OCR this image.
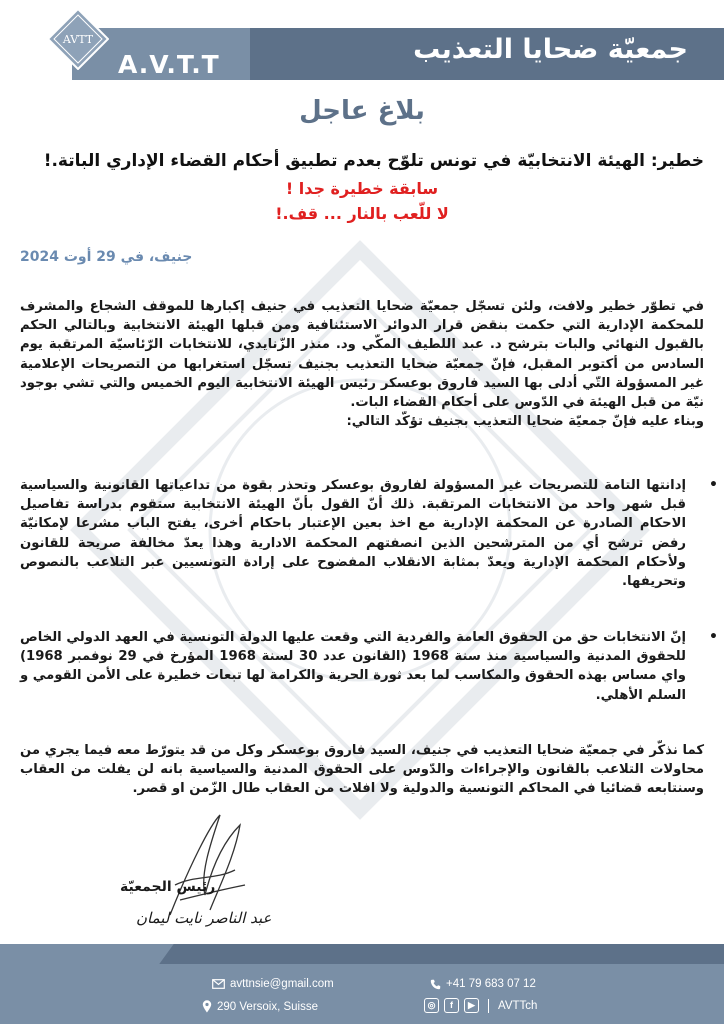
AVTT
A.V.T.T	جمعيّة ضحايا التعذيب
بلاغ عاجل
خطير: الهيئة الانتخابيّة في تونس تلوّح بعدم تطبيق أحكام القضاء الإداري الباتة.!
سابقة خطيرة جدا !
لا للّعب بالنار ... قف.!
جنيف، في 29 أوت 2024
في تطوّر خطير ولافت، ولئن تسجّل جمعيّة ضحايا التعذيب في جنيف إكبارها للموقف الشجاع والمشرف للمحكمة الإدارية التي حكمت بنقض قرار الدوائر الاستئنافية ومن قبلها الهيئة الانتخابية وبالتالي الحكم بالقبول النهائي والبات بترشح د. عبد اللطيف المكّي ود. منذر الزّنايدي، للانتخابات الرّئاسيّة المرتقبة يوم السادس من أكتوبر المقبل، فإنّ جمعيّة ضحايا التعذيب بجنيف تسجّل استغرابها من التصريحات الإعلامية غير المسؤولة التّي أدلى بها السيد فاروق بوعسكر رئيس الهيئة الانتخابية اليوم الخميس والتي تشي بوجود نيّة من قبل الهيئة في الدّوس على أحكام القضاء البات.
وبناء عليه فإنّ جمعيّة ضحايا التعذيب بجنيف تؤكّد التالي:
•
إدانتها التامة للتصريحات غير المسؤولة لفاروق بوعسكر وتحذر بقوة من تداعياتها القانونية والسياسية قبل شهر واحد من الانتخابات المرتقبة. ذلك أنّ القول بأنّ الهيئة الانتخابية ستقوم بدراسة تفاصيل الاحكام الصادرة عن المحكمة الإدارية مع اخذ بعين الإعتبار باحكام أخرى، يفتح الباب مشرعا لإمكانيّة رفض ترشح أي من المترشحين الذين انصفتهم المحكمة الادارية وهذا يعدّ مخالفة صريحة للقانون ولأحكام المحكمة الإدارية ويعدّ بمثابة الانقلاب المفضوح على إرادة التونسيين عبر التلاعب بالنصوص وتحريفها.
•
إنّ الانتخابات حق من الحقوق العامة والفردية التي وقعت عليها الدولة التونسية في العهد الدولي الخاص للحقوق المدنية والسياسية منذ سنة 1968 (القانون عدد 30 لسنة 1968 المؤرخ في 29 نوفمبر 1968) واي مساس بهذه الحقوق والمكاسب لما بعد ثورة الحرية والكرامة لها تبعات خطيرة على الأمن القومي و السلم الأهلي.
كما نذكّر في جمعيّة ضحايا التعذيب في جنيف، السيد فاروق بوعسكر وكل من قد يتورّط معه فيما يجري من محاولات التلاعب بالقانون والإجراءات والدّوس على الحقوق المدنية والسياسية بانه لن يفلت من العقاب وسنتابعه قضائيا في المحاكم التونسية والدولية ولا افلات من العقاب طال الزّمن او قصر.
رئيس الجمعيّة
عبد الناصر نايت ليمان
avttnsie@gmail.com
290 Versoix, Suisse
+41 79 683 07 12
◎	f	▶	AVTTch
